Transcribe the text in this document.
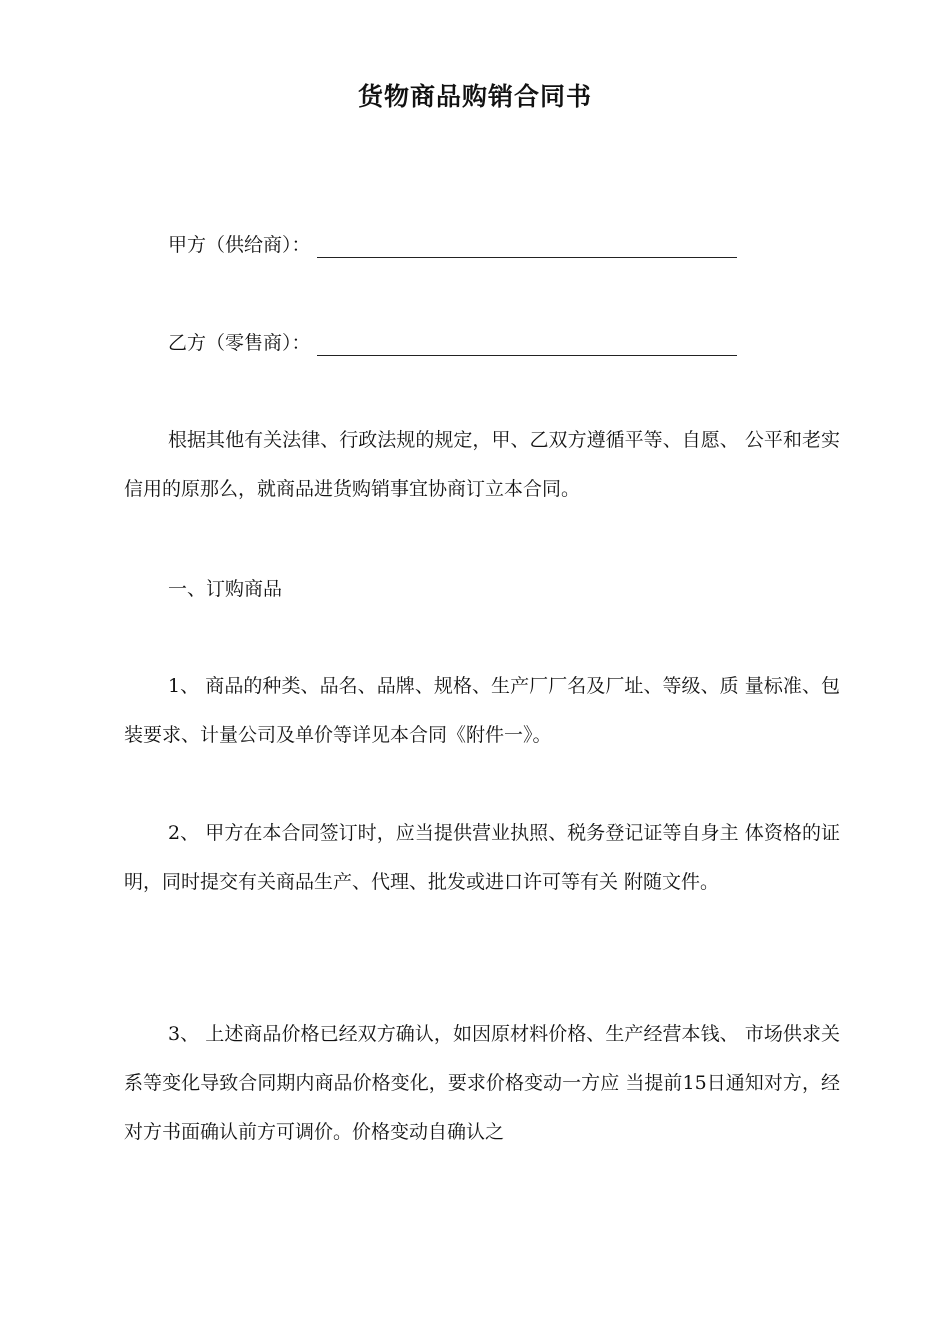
货物商品购销合同书
甲方（供给商）：
乙方（零售商）：

根据其他有关法律、行政法规的规定，甲、乙双方遵循平等、自愿、 公平和老实信用的原那么，就商品进货购销事宜协商订立本合同。

一、订购商品

1、 商品的种类、品名、品牌、规格、生产厂厂名及厂址、等级、质 量标准、包装要求、计量公司及单价等详见本合同《附件一》。

2、 甲方在本合同签订时，应当提供营业执照、税务登记证等自身主 体资格的证明，同时提交有关商品生产、代理、批发或进口许可等有关 附随文件。

3、 上述商品价格已经双方确认，如因原材料价格、生产经营本钱、 市场供求关系等变化导致合同期内商品价格变化，要求价格变动一方应 当提前15日通知对方，经对方书面确认前方可调价。价格变动自确认之
